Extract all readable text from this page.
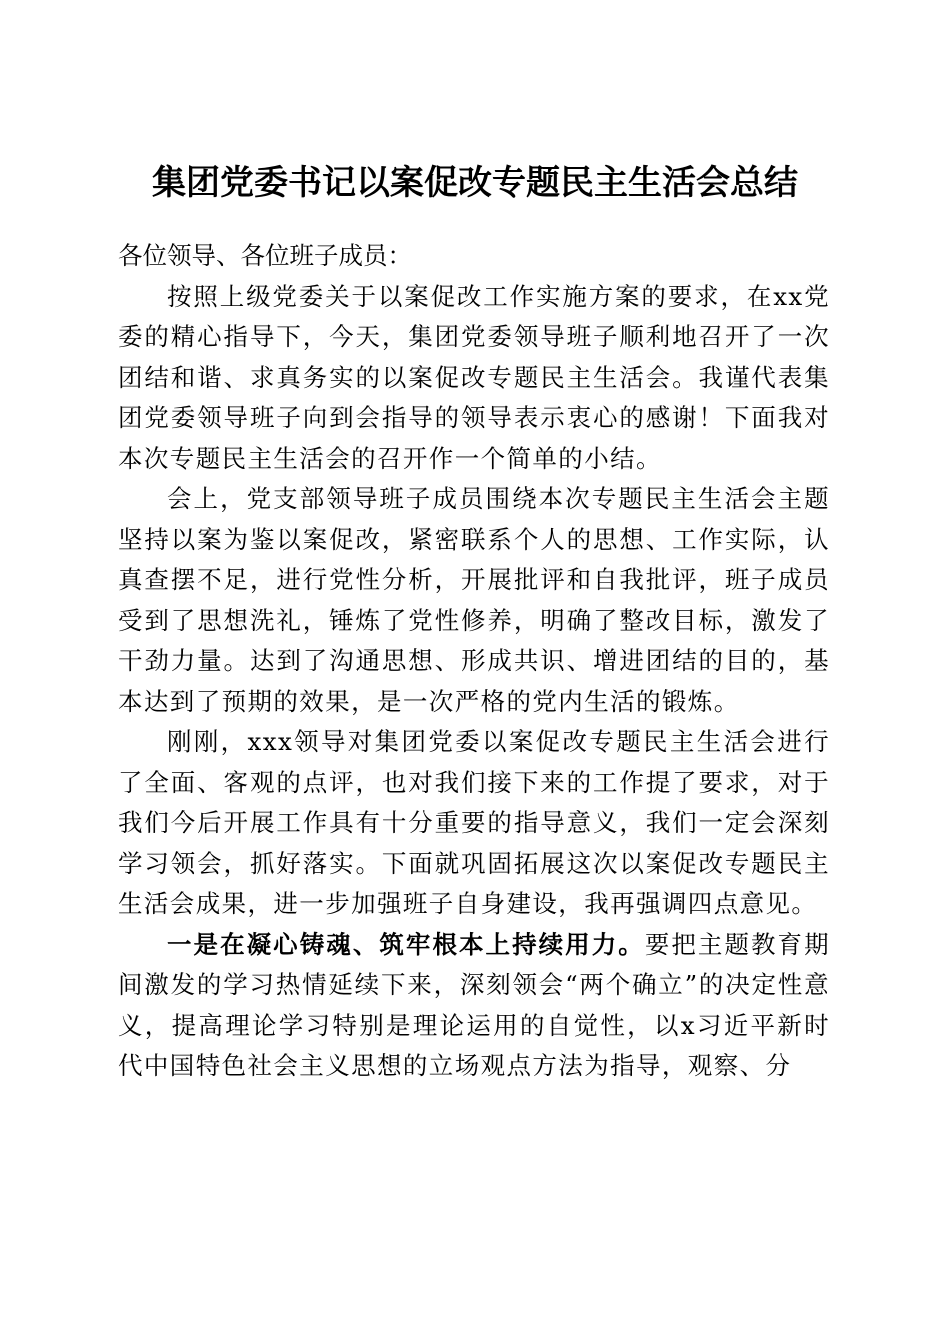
集团党委书记以案促改专题民主生活会总结

各位领导、各位班子成员：

按照上级党委关于以案促改工作实施方案的要求，在xx党委的精心指导下，今天，集团党委领导班子顺利地召开了一次团结和谐、求真务实的以案促改专题民主生活会。我谨代表集团党委领导班子向到会指导的领导表示衷心的感谢！下面我对本次专题民主生活会的召开作一个简单的小结。

会上，党支部领导班子成员围绕本次专题民主生活会主题坚持以案为鉴以案促改，紧密联系个人的思想、工作实际，认真查摆不足，进行党性分析，开展批评和自我批评，班子成员受到了思想洗礼，锤炼了党性修养，明确了整改目标，激发了干劲力量。达到了沟通思想、形成共识、增进团结的目的，基本达到了预期的效果，是一次严格的党内生活的锻炼。

刚刚，xxx领导对集团党委以案促改专题民主生活会进行了全面、客观的点评，也对我们接下来的工作提了要求，对于我们今后开展工作具有十分重要的指导意义，我们一定会深刻学习领会，抓好落实。下面就巩固拓展这次以案促改专题民主生活会成果，进一步加强班子自身建设，我再强调四点意见。

一是在凝心铸魂、筑牢根本上持续用力。要把主题教育期间激发的学习热情延续下来，深刻领会“两个确立”的决定性意义，提高理论学习特别是理论运用的自觉性，以x习近平新时代中国特色社会主义思想的立场观点方法为指导，观察、分
